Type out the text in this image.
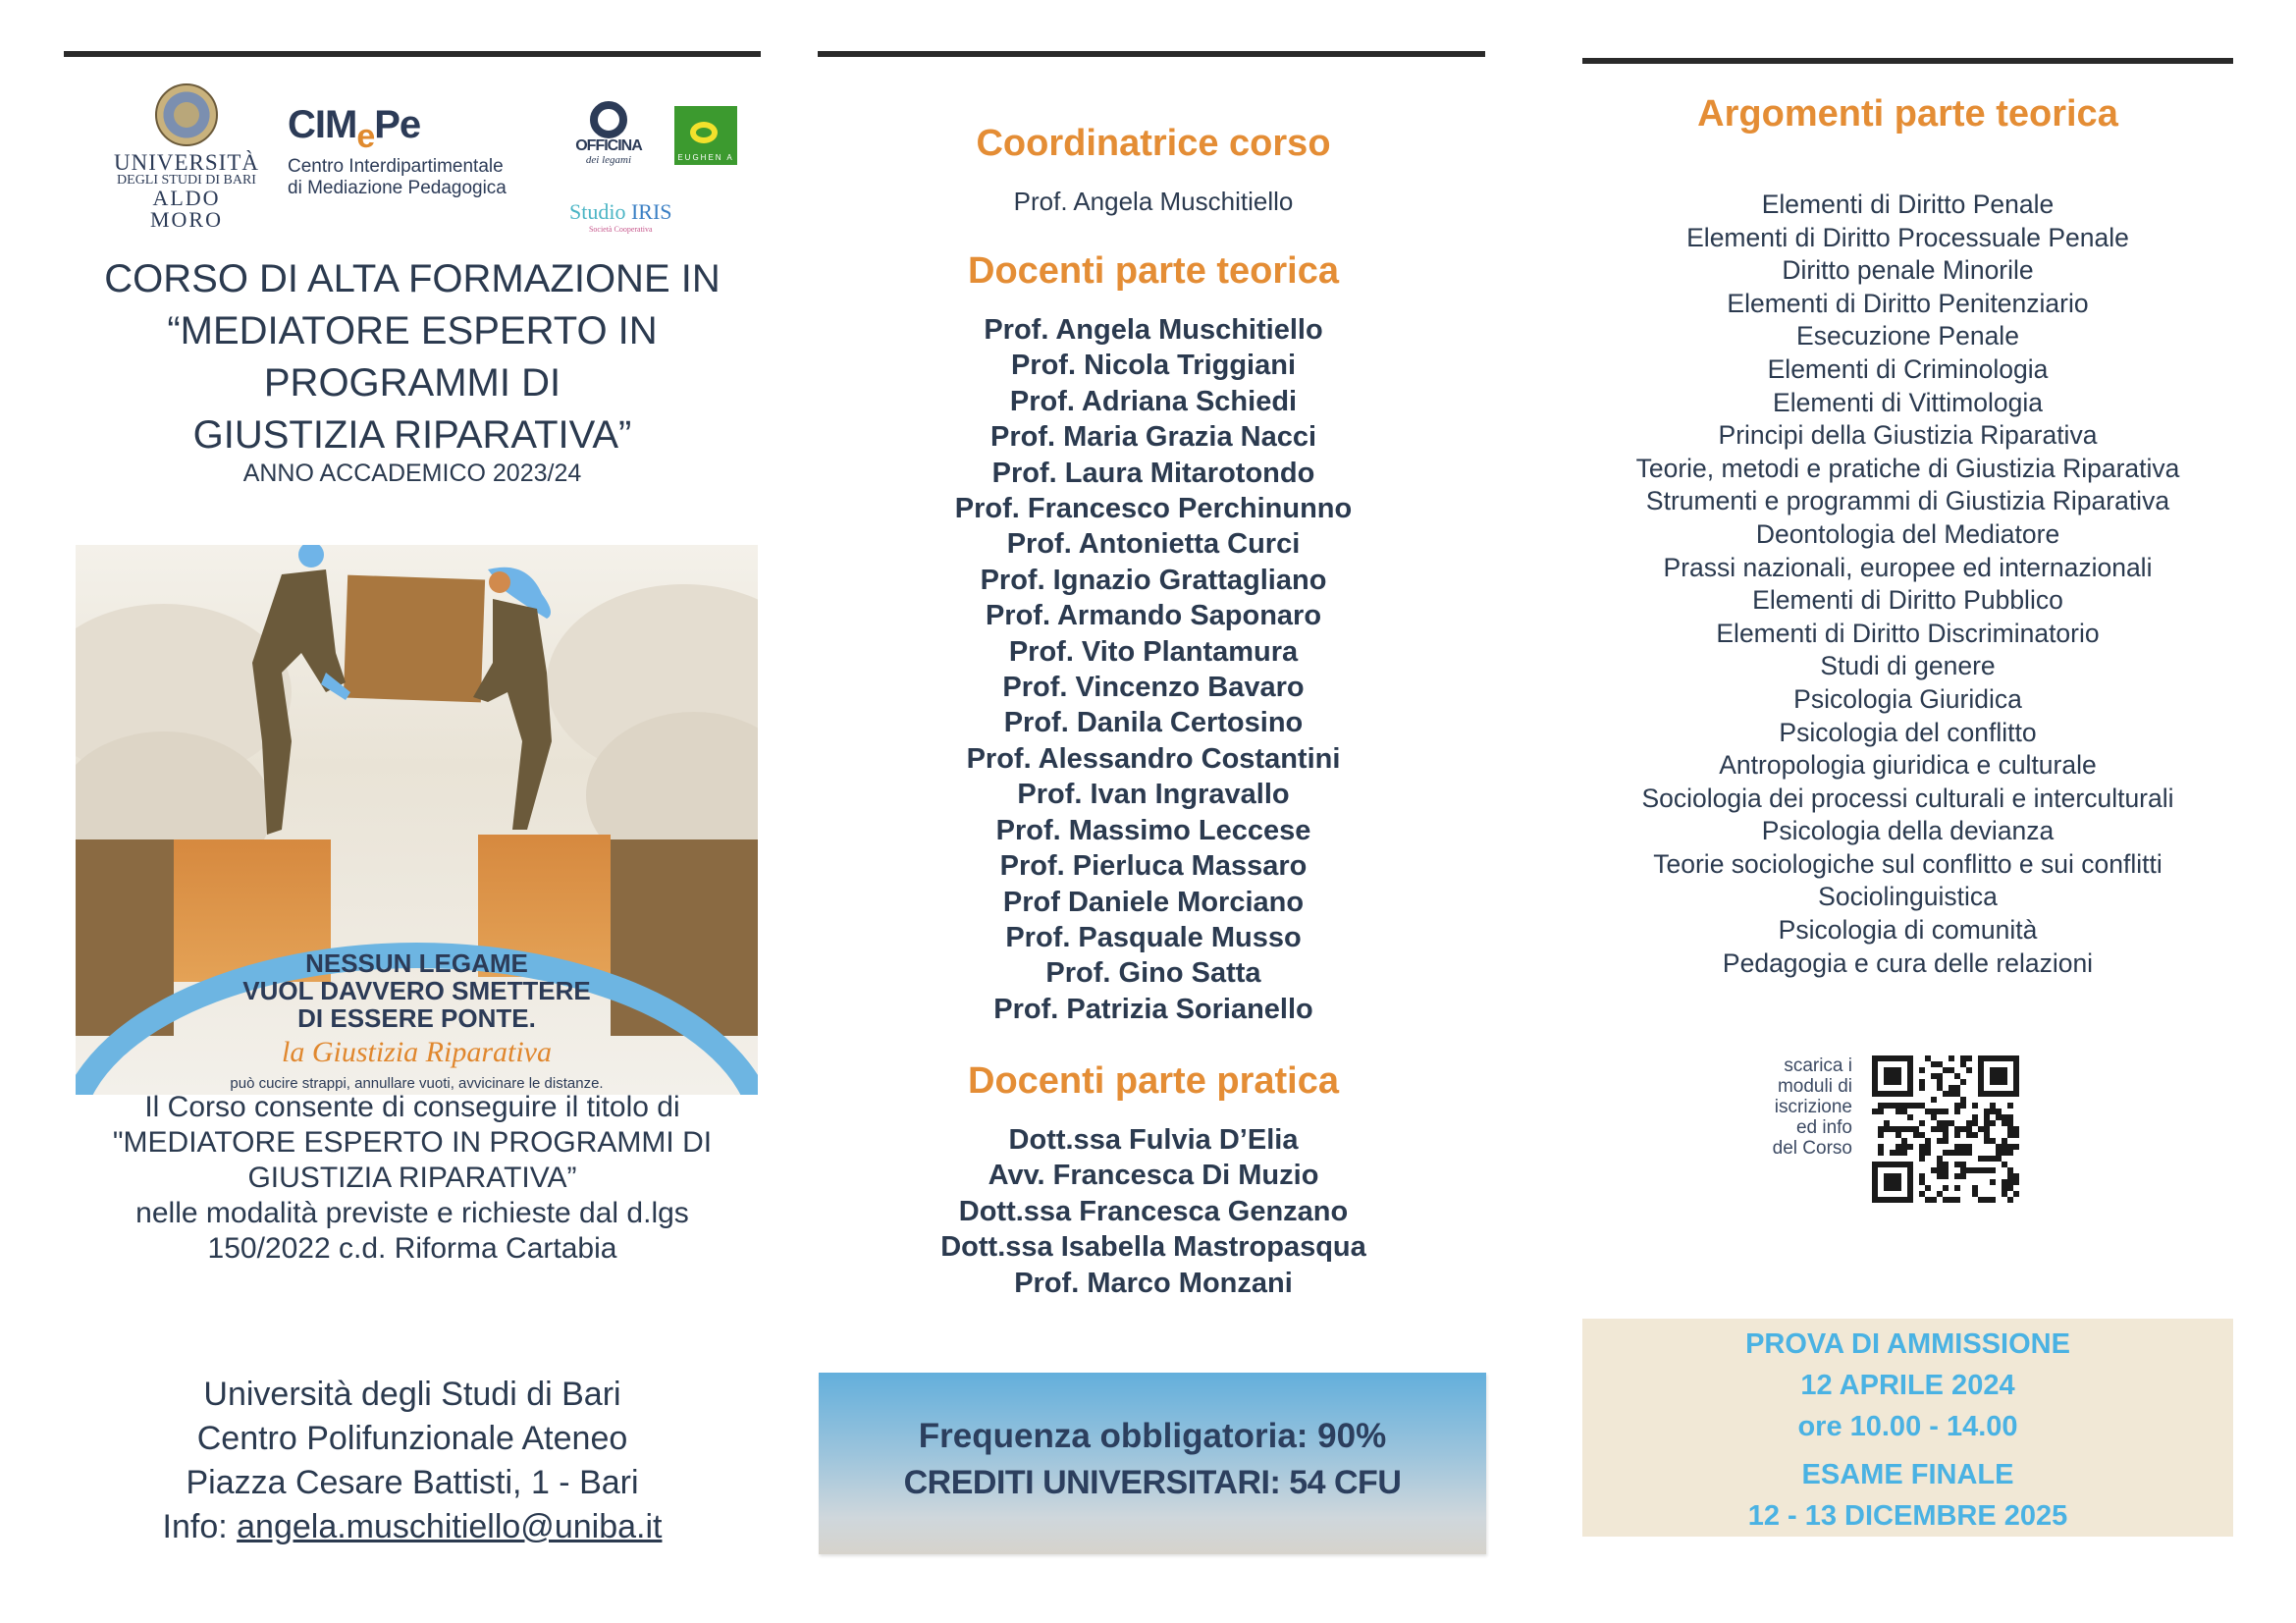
UNIVERSITÀ
DEGLI STUDI DI BARI
ALDO MORO
$CIM_ePe$
Centro Interdipartimentale
di Mediazione Pedagogica
OFFICINA
dei legami	EUGHEN A
Studio IRIS
Società Cooperativa
CORSO DI ALTA FORMAZIONE IN
“MEDIATORE ESPERTO IN
PROGRAMMI DI
GIUSTIZIA RIPARATIVA”
ANNO ACCADEMICO 2023/24
NESSUN LEGAME
VUOL DAVVERO SMETTERE
DI ESSERE PONTE.
la Giustizia Riparativa
può cucire strappi, annullare vuoti, avvicinare le distanze.
Il Corso consente di conseguire il titolo di
"MEDIATORE ESPERTO IN PROGRAMMI DI
GIUSTIZIA RIPARATIVA”
nelle modalità previste e richieste dal d.lgs
150/2022 c.d. Riforma Cartabia
Università degli Studi di Bari
Centro Polifunzionale Ateneo
Piazza Cesare Battisti, 1 - Bari
Info: angela.muschitiello@uniba.it
Coordinatrice corso
Prof. Angela Muschitiello
Docenti parte teorica
Prof. Angela Muschitiello
Prof. Nicola Triggiani
Prof. Adriana Schiedi
Prof. Maria Grazia Nacci
Prof. Laura Mitarotondo
Prof. Francesco Perchinunno
Prof. Antonietta Curci
Prof. Ignazio Grattagliano
Prof. Armando Saponaro
Prof. Vito Plantamura
Prof. Vincenzo Bavaro
Prof. Danila Certosino
Prof. Alessandro Costantini
Prof. Ivan Ingravallo
Prof. Massimo Leccese
Prof. Pierluca Massaro
Prof Daniele Morciano
Prof. Pasquale Musso
Prof. Gino Satta
Prof. Patrizia Sorianello
Docenti parte pratica
Dott.ssa Fulvia D’Elia
Avv. Francesca Di Muzio
Dott.ssa Francesca Genzano
Dott.ssa Isabella Mastropasqua
Prof. Marco Monzani
Frequenza obbligatoria: 90%
CREDITI UNIVERSITARI: 54 CFU
Argomenti parte teorica
Elementi di Diritto Penale
Elementi di Diritto Processuale Penale
Diritto penale Minorile
Elementi di Diritto Penitenziario
Esecuzione Penale
Elementi di Criminologia
Elementi di Vittimologia
Principi della Giustizia Riparativa
Teorie, metodi e pratiche di Giustizia Riparativa
Strumenti e programmi di Giustizia Riparativa
Deontologia del Mediatore
Prassi nazionali, europee ed internazionali
Elementi di Diritto Pubblico
Elementi di Diritto Discriminatorio
Studi di genere
Psicologia Giuridica
Psicologia del conflitto
Antropologia giuridica e culturale
Sociologia dei processi culturali e interculturali
Psicologia della devianza
Teorie sociologiche sul conflitto e sui conflitti
Sociolinguistica
Psicologia di comunità
Pedagogia e cura delle relazioni
scarica i
moduli di
iscrizione
ed info
del Corso
PROVA DI AMMISSIONE
12 APRILE 2024
ore 10.00 - 14.00
ESAME FINALE
12 - 13 DICEMBRE 2025
